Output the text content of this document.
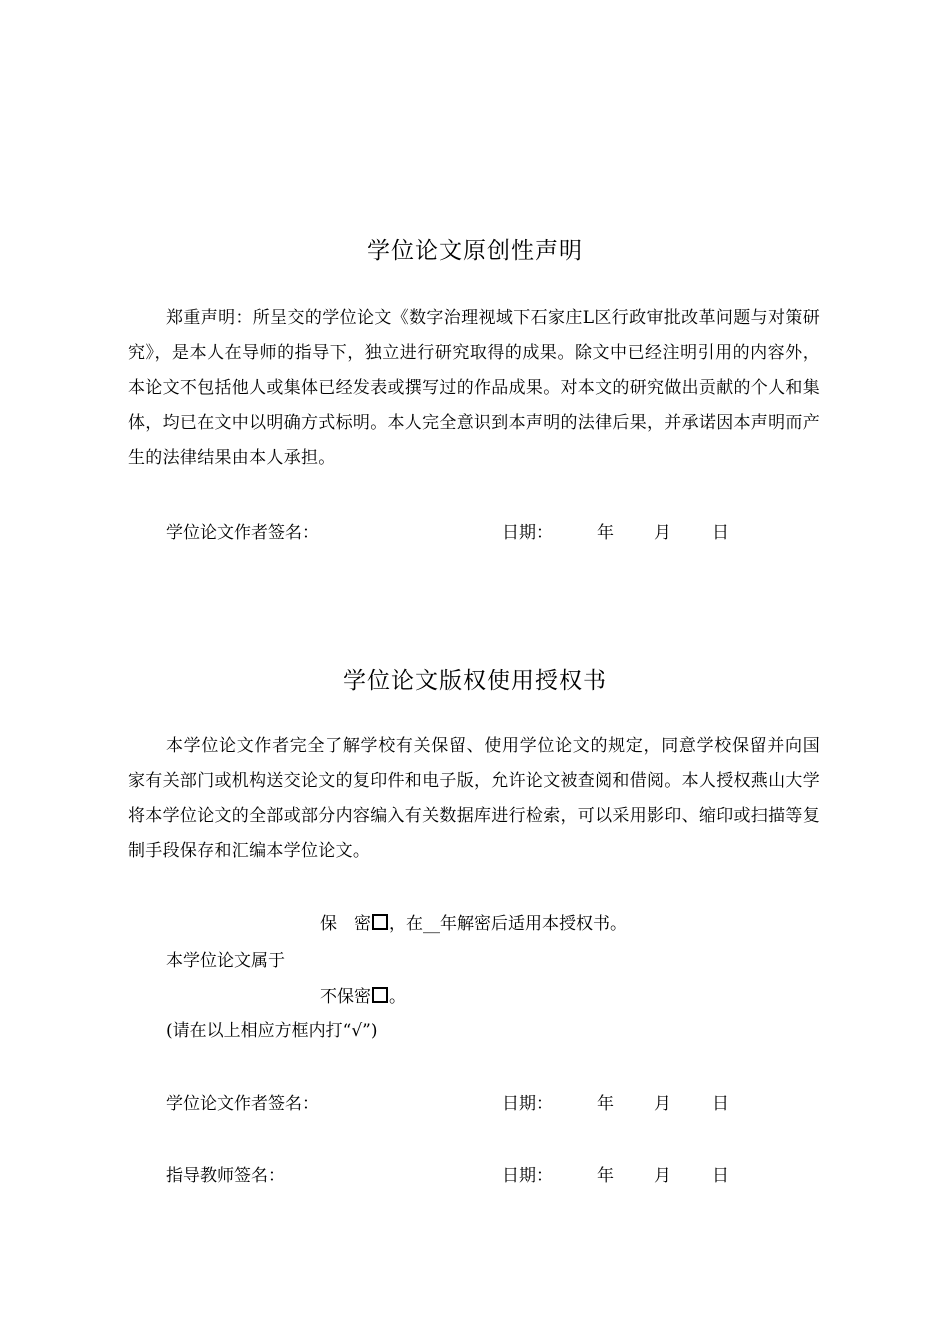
学位论文原创性声明

郑重声明：所呈交的学位论文《数字治理视域下石家庄L区行政审批改革问题与对策研究》，是本人在导师的指导下，独立进行研究取得的成果。除文中已经注明引用的内容外，本论文不包括他人或集体已经发表或撰写过的作品成果。对本文的研究做出贡献的个人和集体，均已在文中以明确方式标明。本人完全意识到本声明的法律后果，并承诺因本声明而产生的法律结果由本人承担。

学位论文作者签名：	日期：	年 月 日
学位论文版权使用授权书

本学位论文作者完全了解学校有关保留、使用学位论文的规定，同意学校保留并向国家有关部门或机构送交论文的复印件和电子版，允许论文被查阅和借阅。本人授权燕山大学将本学位论文的全部或部分内容编入有关数据库进行检索，可以采用影印、缩印或扫描等复制手段保存和汇编本学位论文。

保　密 ，在__年解密后适用本授权书。
本学位论文属于
不保密 。
(请在以上相应方框内打“√”)
学位论文作者签名：	日期：	年 月 日
指导教师签名：	日期：	年 月 日
